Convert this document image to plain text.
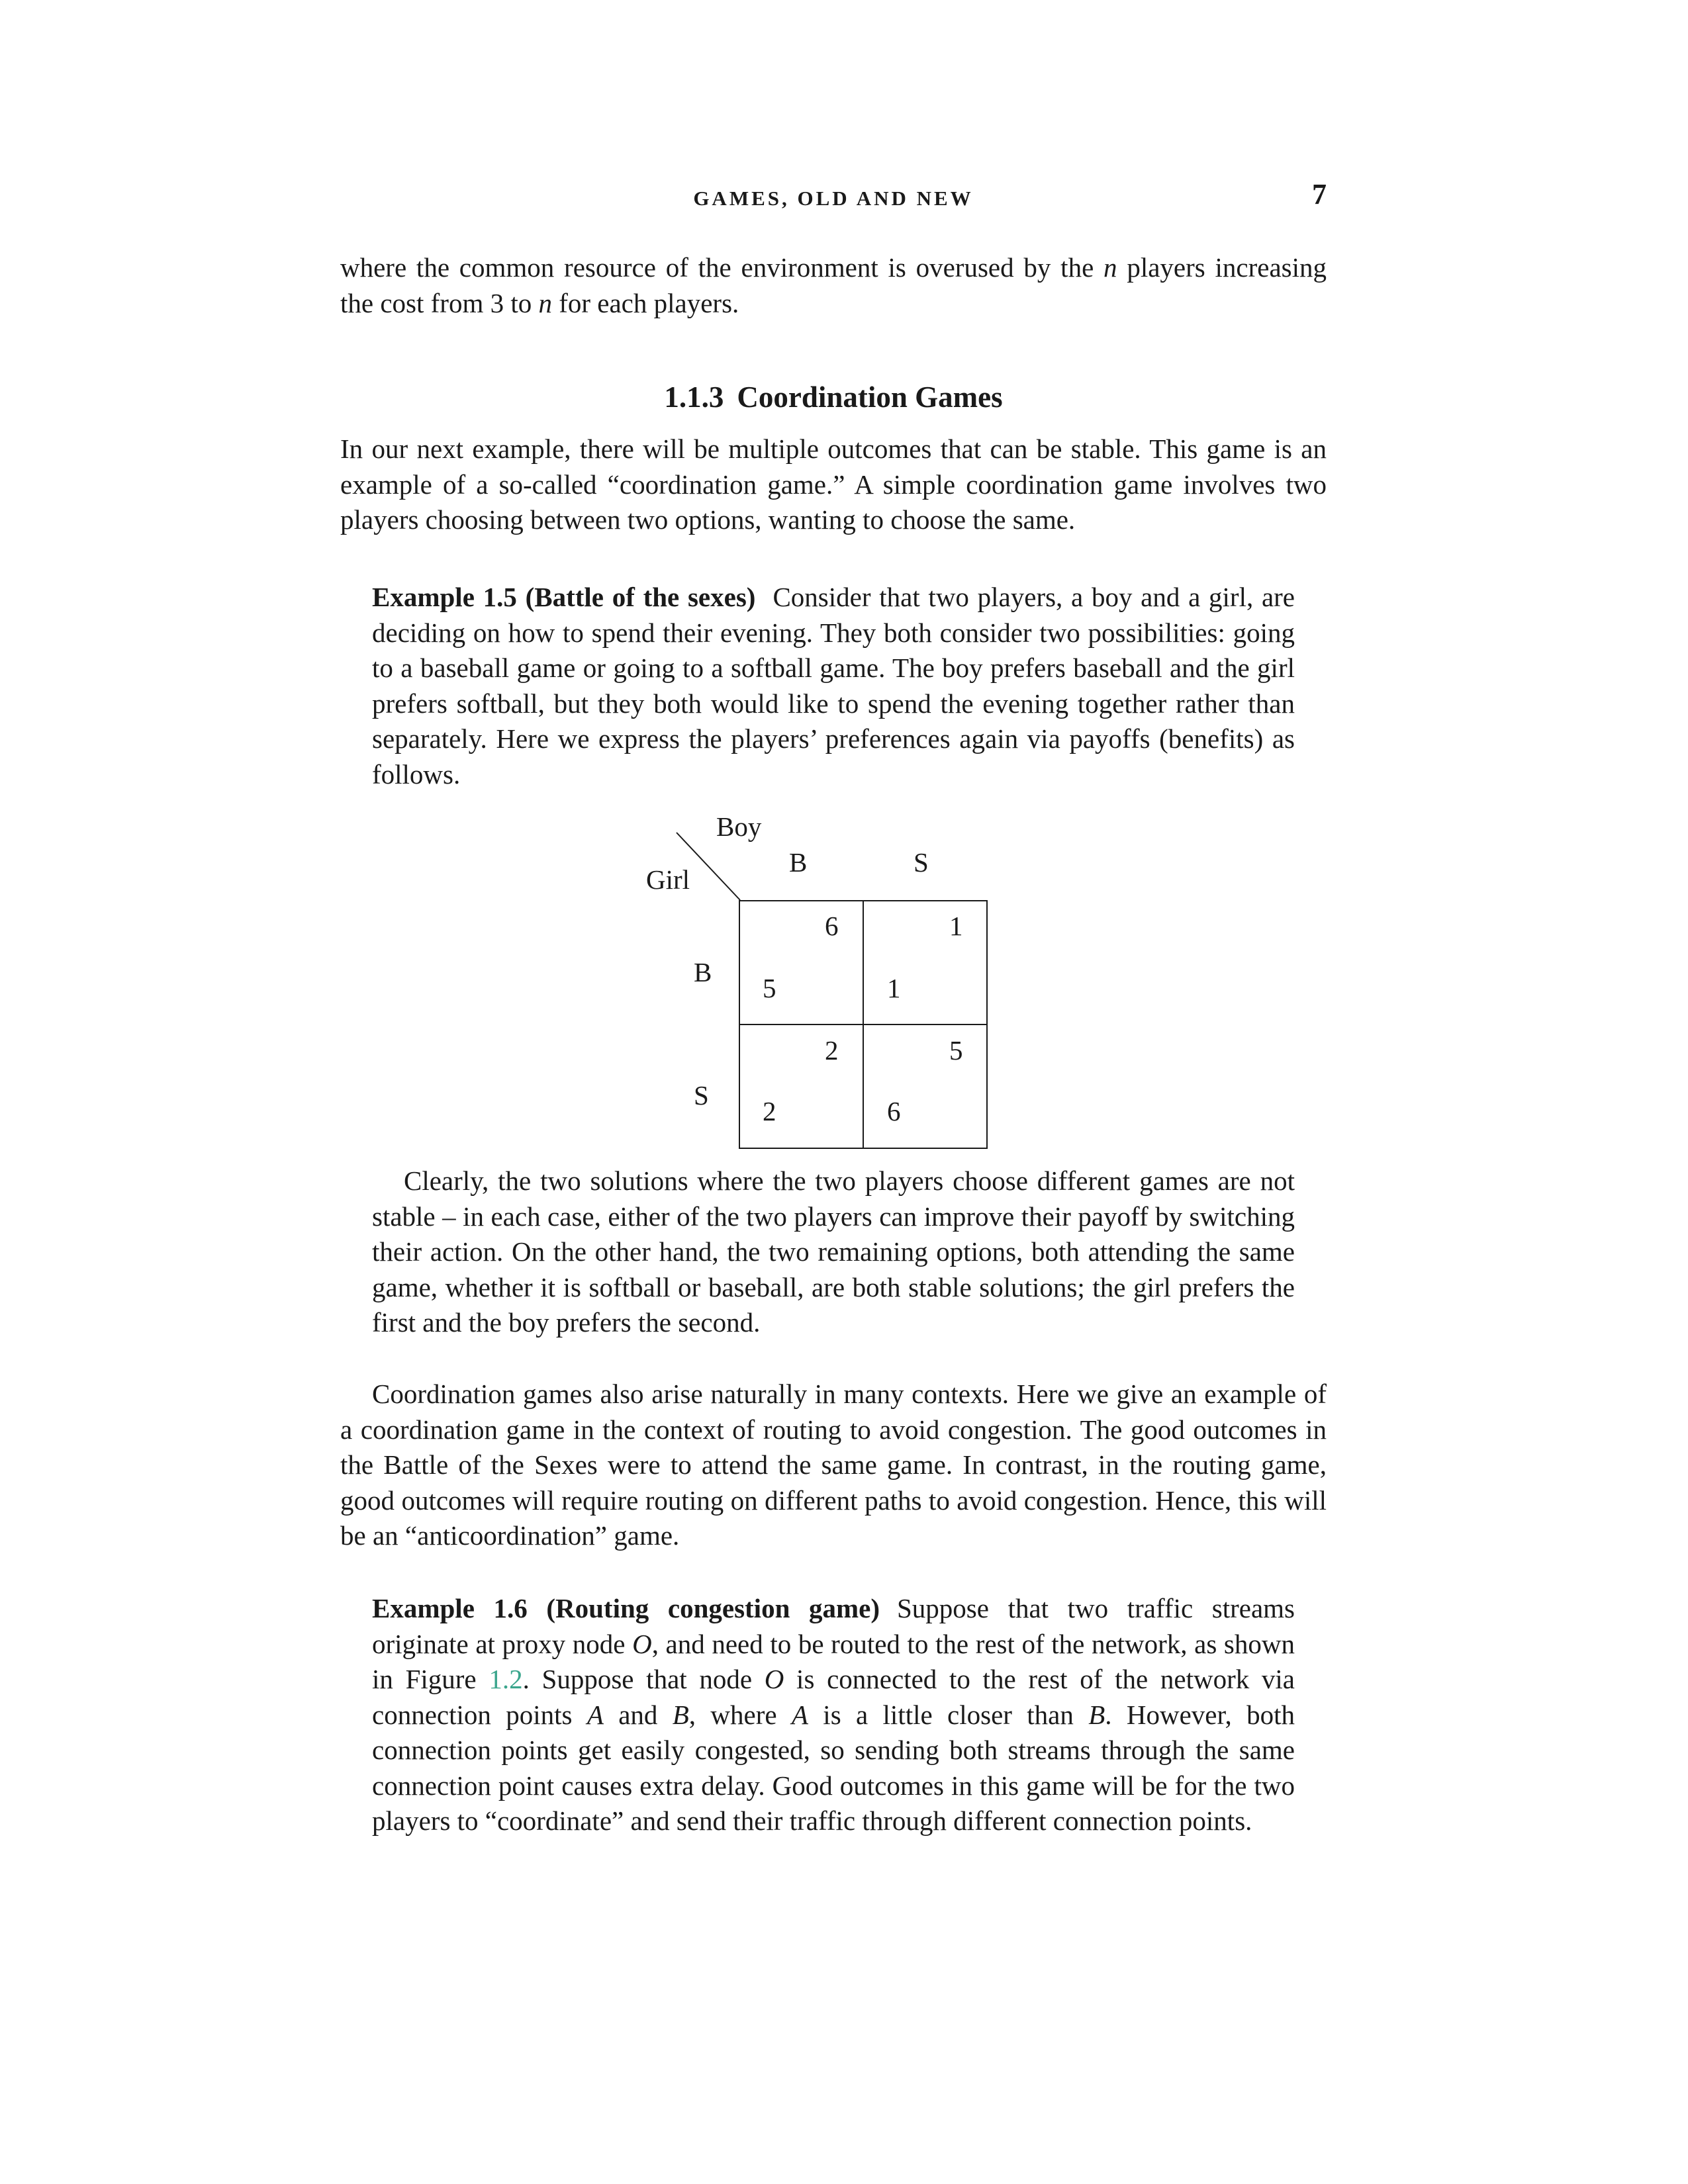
GAMES, OLD AND NEW	7

where the common resource of the environment is overused by the n players increasing the cost from 3 to n for each players.

1.1.3 Coordination Games

In our next example, there will be multiple outcomes that can be stable. This game is an example of a so-called “coordination game.” A simple coordination game involves two players choosing between two options, wanting to choose the same.

Example 1.5 (Battle of the sexes) Consider that two players, a boy and a girl, are deciding on how to spend their evening. They both consider two possibilities: going to a baseball game or going to a softball game. The boy prefers baseball and the girl prefers softball, but they both would like to spend the evening together rather than separately. Here we express the players’ preferences again via payoffs (benefits) as follows.

Boy
Girl
B	S
B
S
6
5
1
1
2
2
5
6

Clearly, the two solutions where the two players choose different games are not stable – in each case, either of the two players can improve their payoff by switching their action. On the other hand, the two remaining options, both attending the same game, whether it is softball or baseball, are both stable solutions; the girl prefers the first and the boy prefers the second.

Coordination games also arise naturally in many contexts. Here we give an example of a coordination game in the context of routing to avoid congestion. The good outcomes in the Battle of the Sexes were to attend the same game. In contrast, in the routing game, good outcomes will require routing on different paths to avoid congestion. Hence, this will be an “anticoordination” game.

Example 1.6 (Routing congestion game) Suppose that two traffic streams originate at proxy node O, and need to be routed to the rest of the network, as shown in Figure 1.2. Suppose that node O is connected to the rest of the network via connection points A and B, where A is a little closer than B. However, both connection points get easily congested, so sending both streams through the same connection point causes extra delay. Good outcomes in this game will be for the two players to “coordinate” and send their traffic through different connection points.
